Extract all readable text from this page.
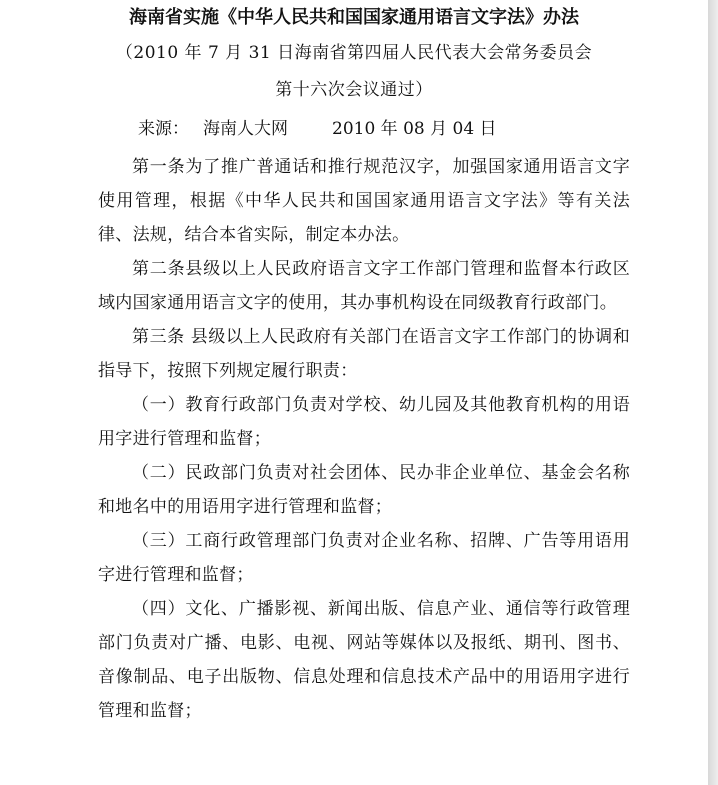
海南省实施《中华人民共和国国家通用语言文字法》办法
（2010 年 7 月 31 日海南省第四届人民代表大会常务委员会
第十六次会议通过）
来源： 海南人大网	2010 年 08 月 04 日

第一条为了推广普通话和推行规范汉字，加强国家通用语言文字使用管理，根据《中华人民共和国国家通用语言文字法》等有关法律、法规，结合本省实际，制定本办法。

第二条县级以上人民政府语言文字工作部门管理和监督本行政区域内国家通用语言文字的使用，其办事机构设在同级教育行政部门。

第三条 县级以上人民政府有关部门在语言文字工作部门的协调和指导下，按照下列规定履行职责：

（一）教育行政部门负责对学校、幼儿园及其他教育机构的用语用字进行管理和监督；

（二）民政部门负责对社会团体、民办非企业单位、基金会名称和地名中的用语用字进行管理和监督；

（三）工商行政管理部门负责对企业名称、招牌、广告等用语用字进行管理和监督；

（四）文化、广播影视、新闻出版、信息产业、通信等行政管理部门负责对广播、电影、电视、网站等媒体以及报纸、期刊、图书、音像制品、电子出版物、信息处理和信息技术产品中的用语用字进行管理和监督；
